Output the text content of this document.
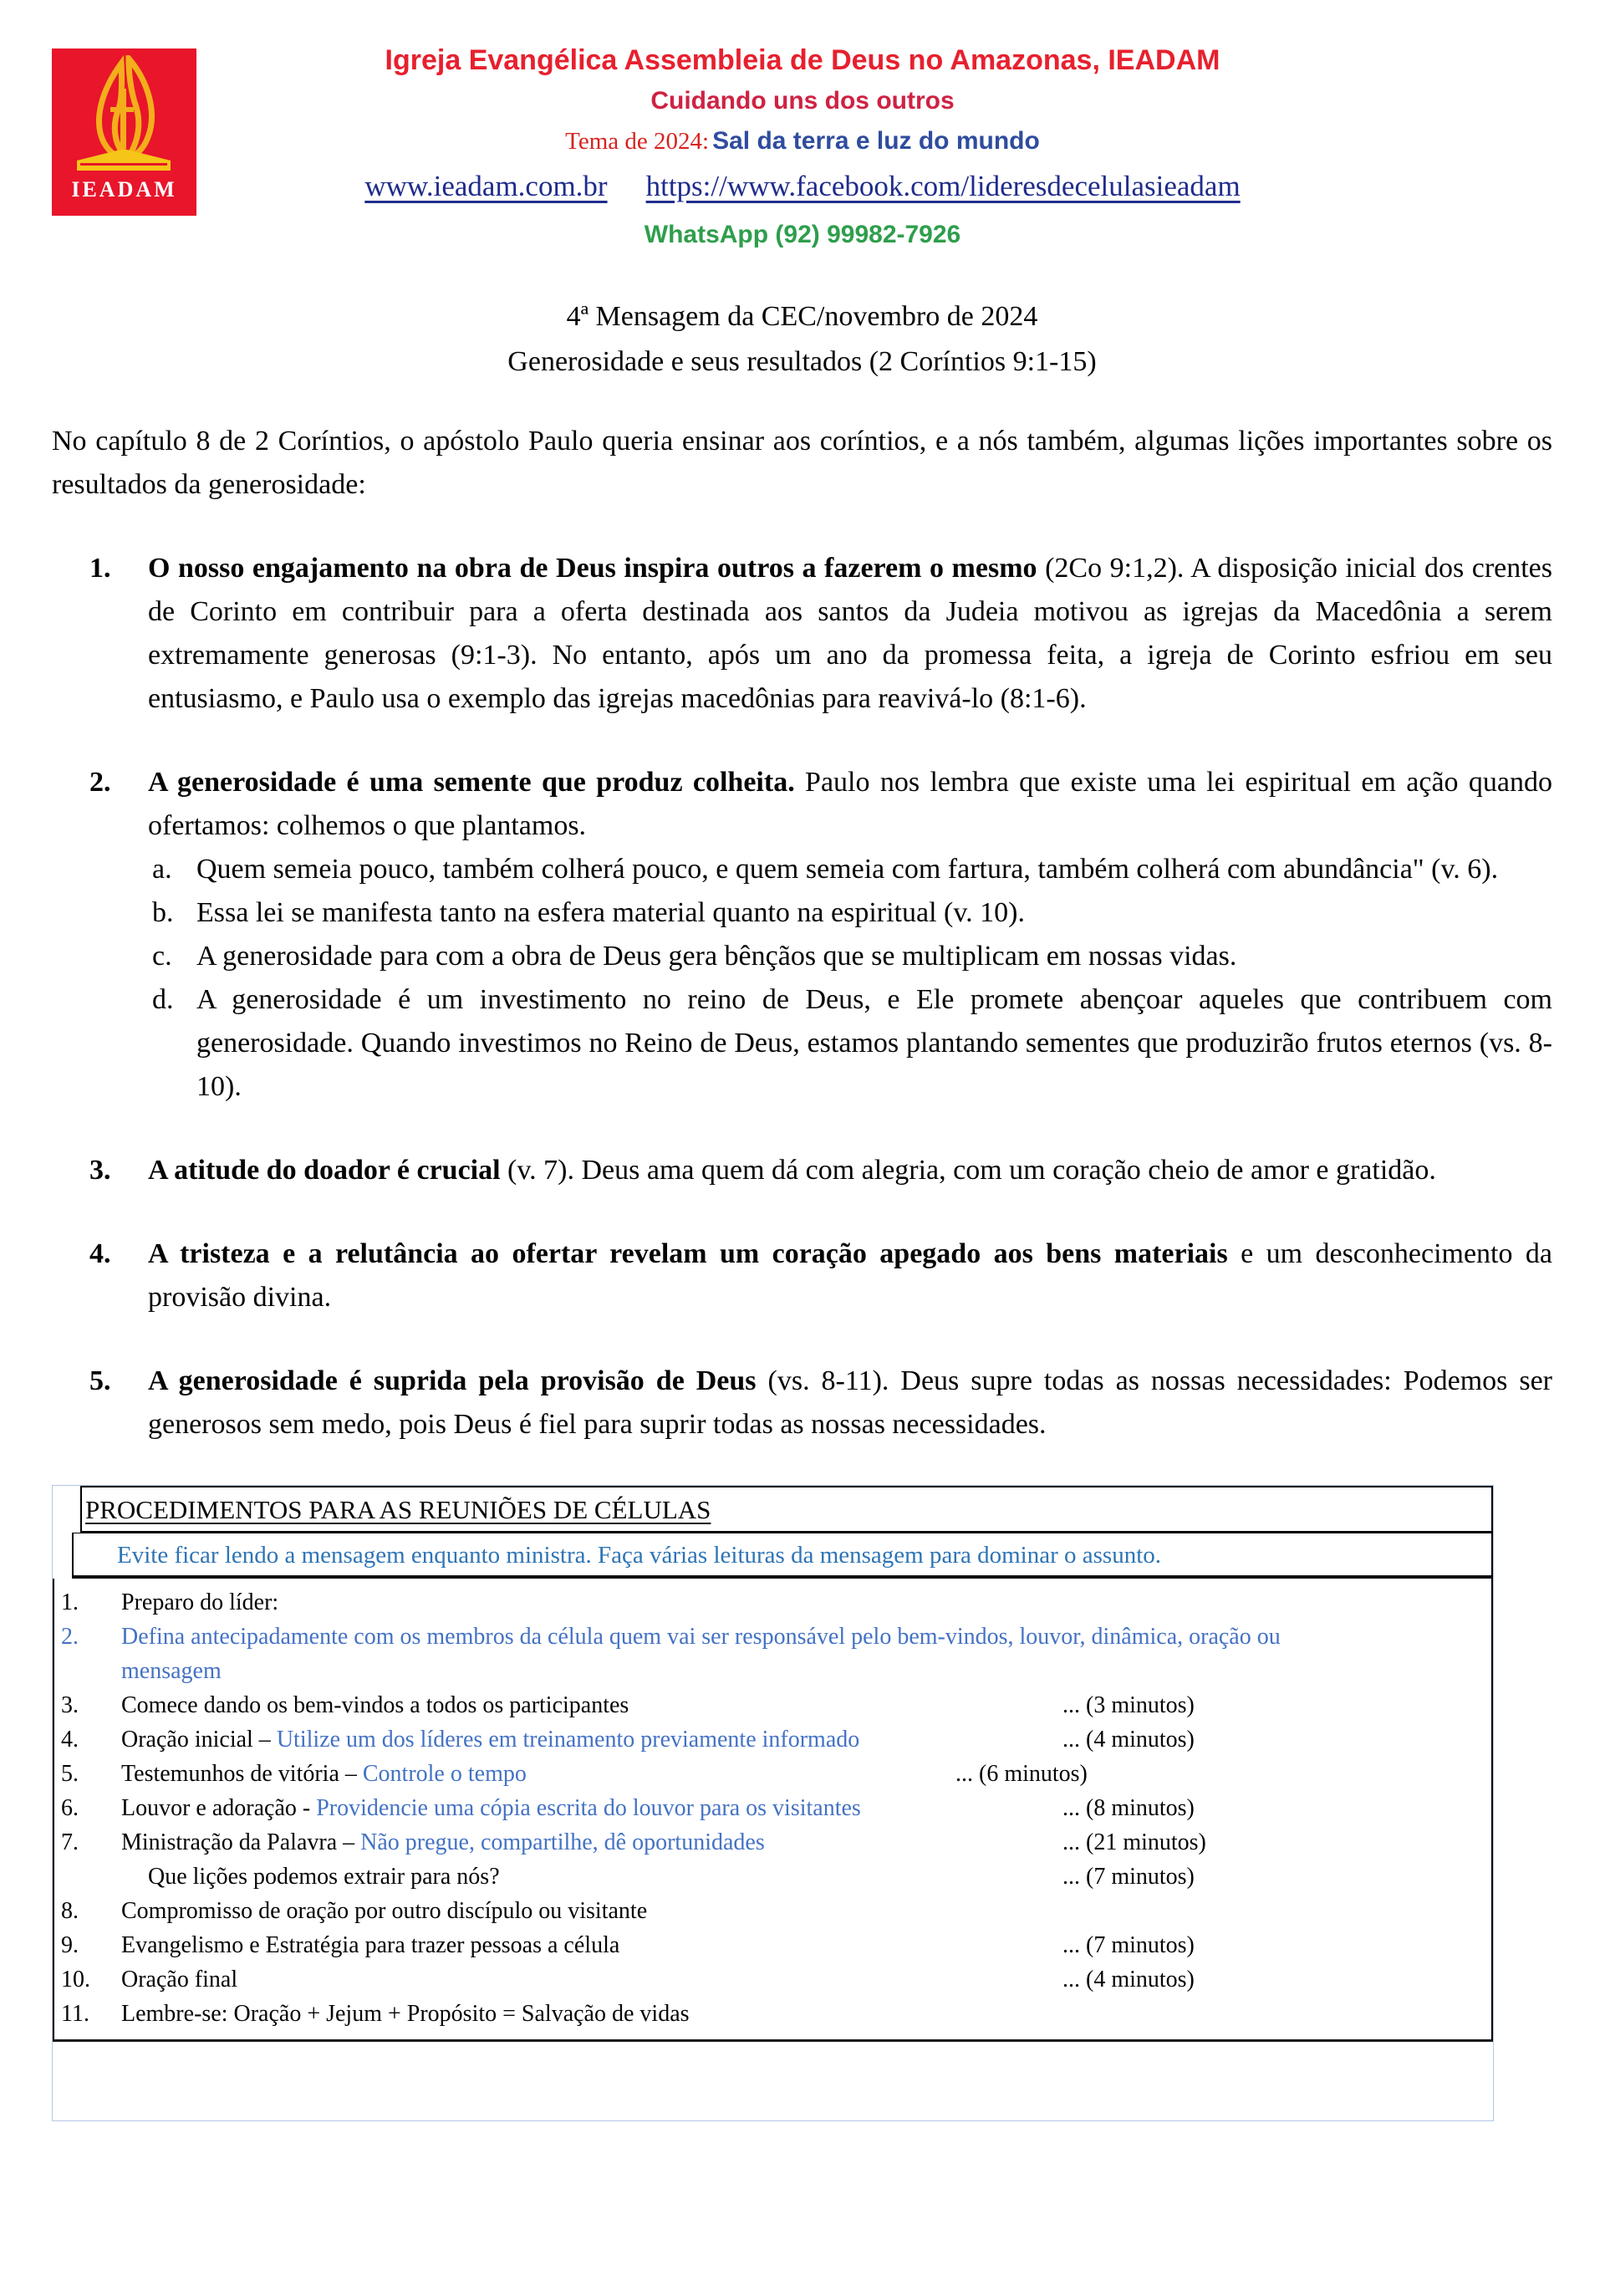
IEADAM
Igreja Evangélica Assembleia de Deus no Amazonas, IEADAM
Cuidando uns dos outros
Tema de 2024: Sal da terra e luz do mundo
www.ieadam.com.br https://www.facebook.com/lideresdecelulasieadam
WhatsApp (92) 99982-7926
4ª Mensagem da CEC/novembro de 2024
Generosidade e seus resultados (2 Coríntios 9:1-15)

No capítulo 8 de 2 Coríntios, o apóstolo Paulo queria ensinar aos coríntios, e a nós também, algumas lições importantes sobre os resultados da generosidade:

1. O nosso engajamento na obra de Deus inspira outros a fazerem o mesmo (2Co 9:1,2). A disposição inicial dos crentes de Corinto em contribuir para a oferta destinada aos santos da Judeia motivou as igrejas da Macedônia a serem extremamente generosas (9:1-3). No entanto, após um ano da promessa feita, a igreja de Corinto esfriou em seu entusiasmo, e Paulo usa o exemplo das igrejas macedônias para reavivá-lo (8:1-6).
2. A generosidade é uma semente que produz colheita. Paulo nos lembra que existe uma lei espiritual em ação quando ofertamos: colhemos o que plantamos.
a. Quem semeia pouco, também colherá pouco, e quem semeia com fartura, também colherá com abundância" (v. 6).
b. Essa lei se manifesta tanto na esfera material quanto na espiritual (v. 10).
c. A generosidade para com a obra de Deus gera bênçãos que se multiplicam em nossas vidas.
d. A generosidade é um investimento no reino de Deus, e Ele promete abençoar aqueles que contribuem com generosidade. Quando investimos no Reino de Deus, estamos plantando sementes que produzirão frutos eternos (vs. 8-10).
3. A atitude do doador é crucial (v. 7). Deus ama quem dá com alegria, com um coração cheio de amor e gratidão.
4. A tristeza e a relutância ao ofertar revelam um coração apegado aos bens materiais e um desconhecimento da provisão divina.
5. A generosidade é suprida pela provisão de Deus (vs. 8-11). Deus supre todas as nossas necessidades: Podemos ser generosos sem medo, pois Deus é fiel para suprir todas as nossas necessidades.
PROCEDIMENTOS PARA AS REUNIÕES DE CÉLULAS
Evite ficar lendo a mensagem enquanto ministra. Faça várias leituras da mensagem para dominar o assunto.
1. Preparo do líder:
2. Defina antecipadamente com os membros da célula quem vai ser responsável pelo bem-vindos, louvor, dinâmica, oração ou mensagem
3. Comece dando os bem-vindos a todos os participantes	... (3 minutos)
4. Oração inicial – Utilize um dos líderes em treinamento previamente informado	... (4 minutos)
5. Testemunhos de vitória – Controle o tempo	... (6 minutos)
6. Louvor e adoração - Providencie uma cópia escrita do louvor para os visitantes	... (8 minutos)
7. Ministração da Palavra – Não pregue, compartilhe, dê oportunidades	... (21 minutos)
Que lições podemos extrair para nós?	... (7 minutos)
8. Compromisso de oração por outro discípulo ou visitante
9. Evangelismo e Estratégia para trazer pessoas a célula	... (7 minutos)
10. Oração final	... (4 minutos)
11. Lembre-se: Oração + Jejum + Propósito = Salvação de vidas
